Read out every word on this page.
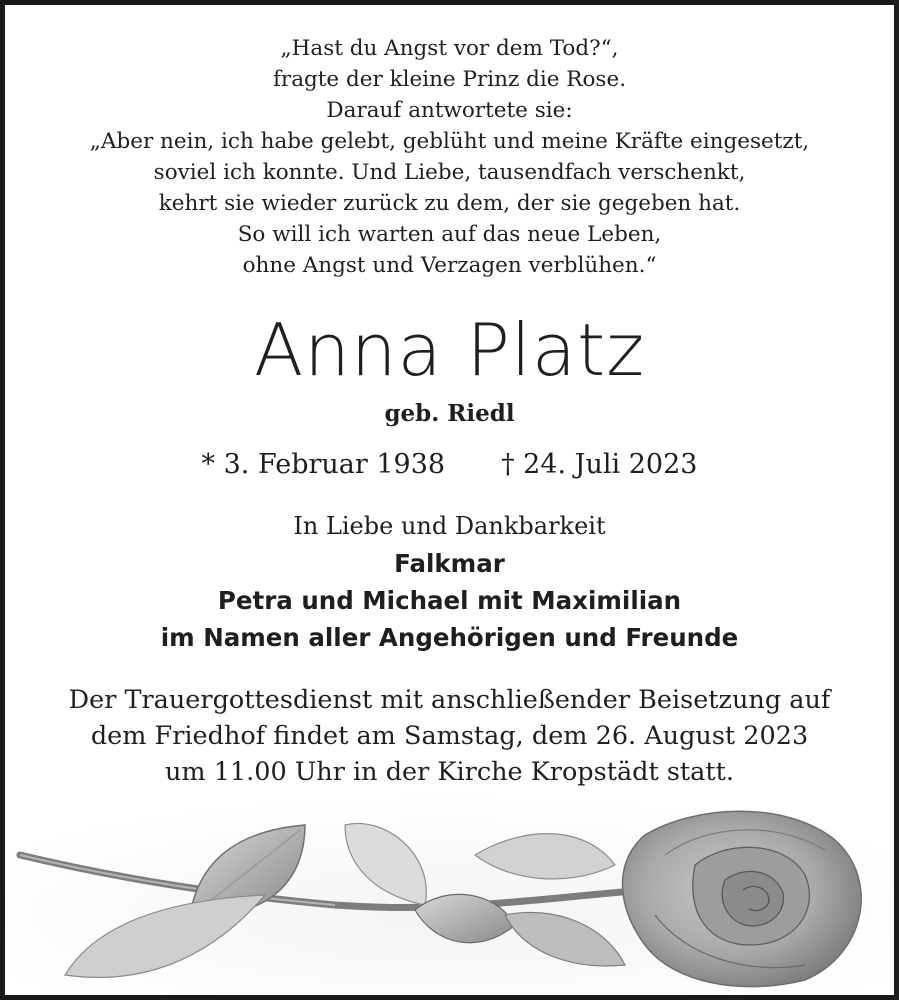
„Hast du Angst vor dem Tod?“,
fragte der kleine Prinz die Rose.
Darauf antwortete sie:
„Aber nein, ich habe gelebt, geblüht und meine Kräfte eingesetzt,
soviel ich konnte. Und Liebe, tausendfach verschenkt,
kehrt sie wieder zurück zu dem, der sie gegeben hat.
So will ich warten auf das neue Leben,
ohne Angst und Verzagen verblühen.“
Anna Platz
geb. Riedl
* 3. Februar 1938 † 24. Juli 2023
In Liebe und Dankbarkeit
Falkmar
Petra und Michael mit Maximilian
im Namen aller Angehörigen und Freunde
Der Trauergottesdienst mit anschließender Beisetzung auf
dem Friedhof findet am Samstag, dem 26. August 2023
um 11.00 Uhr in der Kirche Kropstädt statt.
